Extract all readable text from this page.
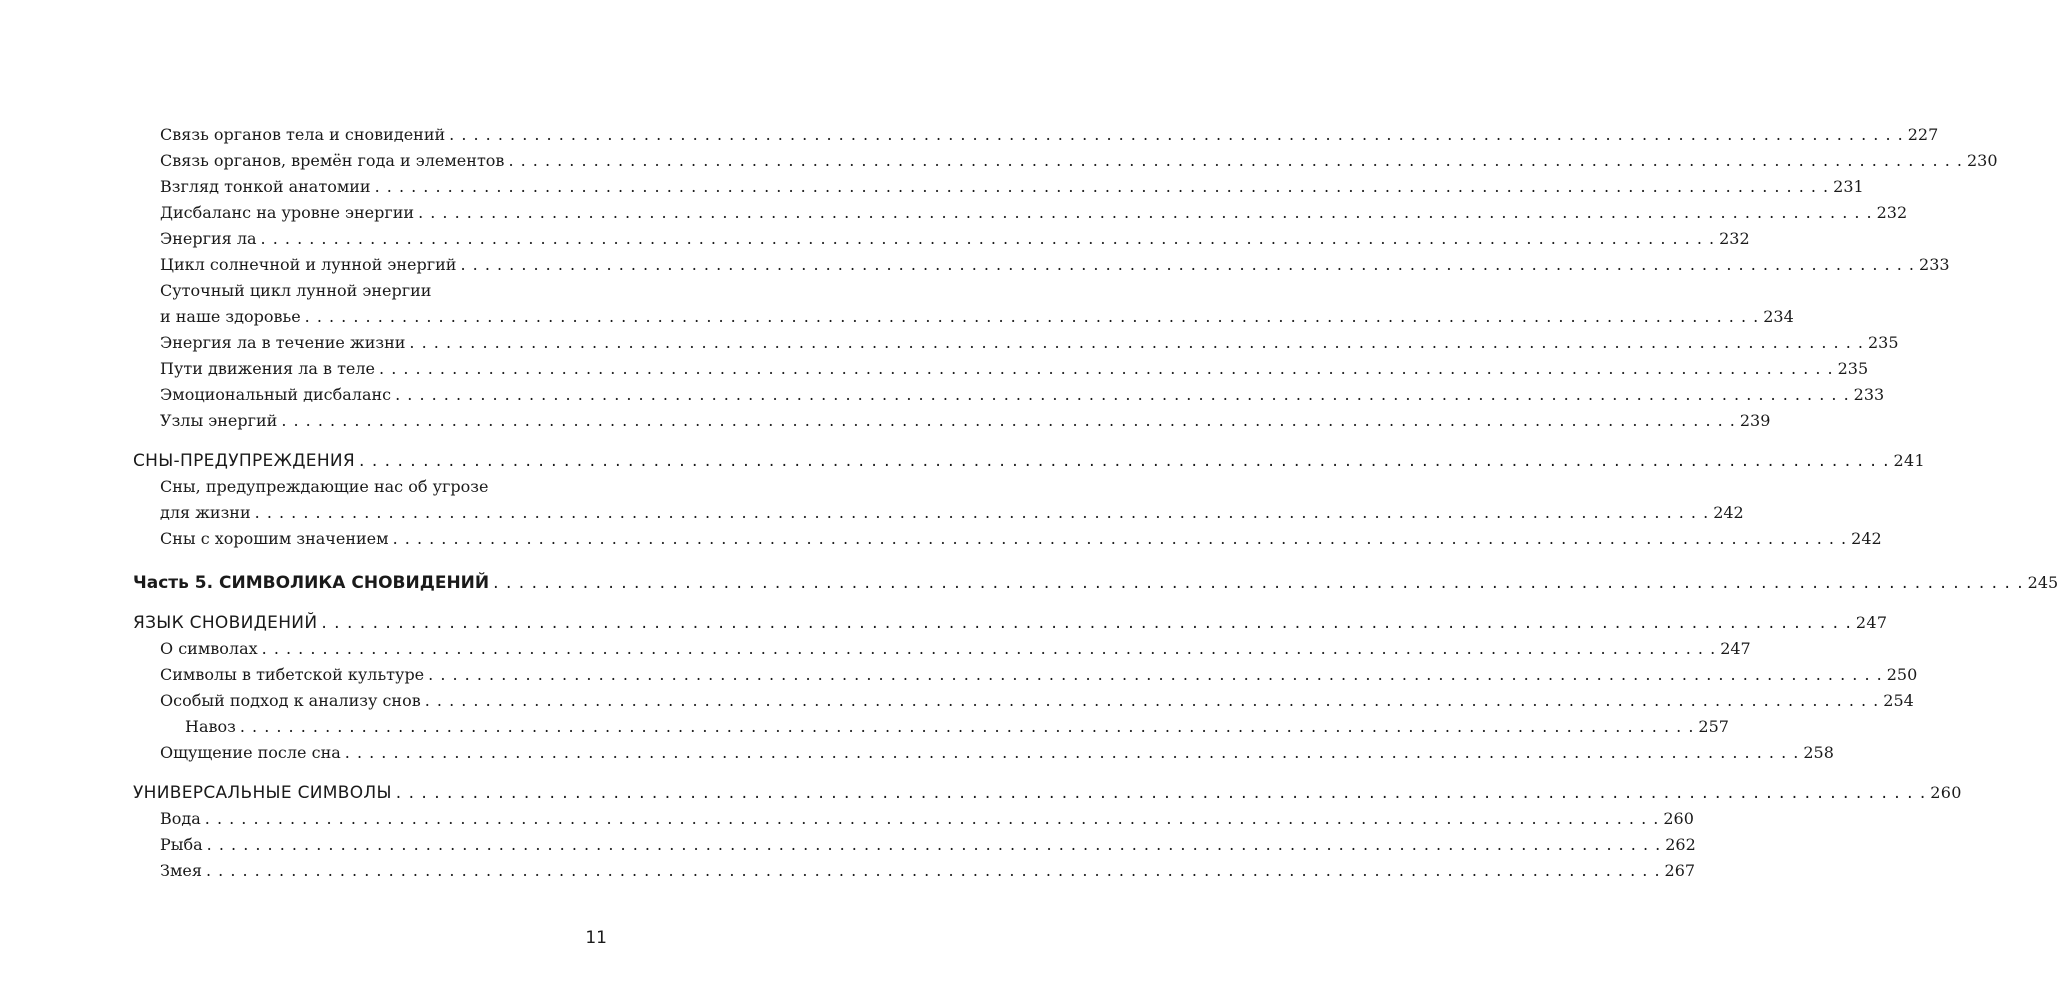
Связь органов тела и сновидений . . . . . . . . . . . . . . . . . . . . . . . . . . . . . . . . . . . . . . . . . . . . . . . . . . . . . . . . . . . . . . . . . . . . . . . . . . . . . . . . . . . . . . . . . . . . . . . . . . . . . . . . . . . . . . . . . . . . . . . . 227
Связь органов, времён года и элементов . . . . . . . . . . . . . . . . . . . . . . . . . . . . . . . . . . . . . . . . . . . . . . . . . . . . . . . . . . . . . . . . . . . . . . . . . . . . . . . . . . . . . . . . . . . . . . . . . . . . . . . . . . . . . . . . . . . . . . . . 230
Взгляд тонкой анатомии . . . . . . . . . . . . . . . . . . . . . . . . . . . . . . . . . . . . . . . . . . . . . . . . . . . . . . . . . . . . . . . . . . . . . . . . . . . . . . . . . . . . . . . . . . . . . . . . . . . . . . . . . . . . . . . . . . . . . . . . 231
Дисбаланс на уровне энергии . . . . . . . . . . . . . . . . . . . . . . . . . . . . . . . . . . . . . . . . . . . . . . . . . . . . . . . . . . . . . . . . . . . . . . . . . . . . . . . . . . . . . . . . . . . . . . . . . . . . . . . . . . . . . . . . . . . . . . . . 232
Энергия ла . . . . . . . . . . . . . . . . . . . . . . . . . . . . . . . . . . . . . . . . . . . . . . . . . . . . . . . . . . . . . . . . . . . . . . . . . . . . . . . . . . . . . . . . . . . . . . . . . . . . . . . . . . . . . . . . . . . . . . . . 232
Цикл солнечной и лунной энергий . . . . . . . . . . . . . . . . . . . . . . . . . . . . . . . . . . . . . . . . . . . . . . . . . . . . . . . . . . . . . . . . . . . . . . . . . . . . . . . . . . . . . . . . . . . . . . . . . . . . . . . . . . . . . . . . . . . . . . . . 233
Суточный цикл лунной энергии
и наше здоровье . . . . . . . . . . . . . . . . . . . . . . . . . . . . . . . . . . . . . . . . . . . . . . . . . . . . . . . . . . . . . . . . . . . . . . . . . . . . . . . . . . . . . . . . . . . . . . . . . . . . . . . . . . . . . . . . . . . . . . . . 234
Энергия ла в течение жизни . . . . . . . . . . . . . . . . . . . . . . . . . . . . . . . . . . . . . . . . . . . . . . . . . . . . . . . . . . . . . . . . . . . . . . . . . . . . . . . . . . . . . . . . . . . . . . . . . . . . . . . . . . . . . . . . . . . . . . . . 235
Пути движения ла в теле . . . . . . . . . . . . . . . . . . . . . . . . . . . . . . . . . . . . . . . . . . . . . . . . . . . . . . . . . . . . . . . . . . . . . . . . . . . . . . . . . . . . . . . . . . . . . . . . . . . . . . . . . . . . . . . . . . . . . . . . 235
Эмоциональный дисбаланс . . . . . . . . . . . . . . . . . . . . . . . . . . . . . . . . . . . . . . . . . . . . . . . . . . . . . . . . . . . . . . . . . . . . . . . . . . . . . . . . . . . . . . . . . . . . . . . . . . . . . . . . . . . . . . . . . . . . . . . . 233
Узлы энергий . . . . . . . . . . . . . . . . . . . . . . . . . . . . . . . . . . . . . . . . . . . . . . . . . . . . . . . . . . . . . . . . . . . . . . . . . . . . . . . . . . . . . . . . . . . . . . . . . . . . . . . . . . . . . . . . . . . . . . . . 239
СНЫ-ПРЕДУПРЕЖДЕНИЯ . . . . . . . . . . . . . . . . . . . . . . . . . . . . . . . . . . . . . . . . . . . . . . . . . . . . . . . . . . . . . . . . . . . . . . . . . . . . . . . . . . . . . . . . . . . . . . . . . . . . . . . . . . . . . . . . . . . . . . . . 241
Сны, предупреждающие нас об угрозе
для жизни . . . . . . . . . . . . . . . . . . . . . . . . . . . . . . . . . . . . . . . . . . . . . . . . . . . . . . . . . . . . . . . . . . . . . . . . . . . . . . . . . . . . . . . . . . . . . . . . . . . . . . . . . . . . . . . . . . . . . . . . 242
Сны с хорошим значением . . . . . . . . . . . . . . . . . . . . . . . . . . . . . . . . . . . . . . . . . . . . . . . . . . . . . . . . . . . . . . . . . . . . . . . . . . . . . . . . . . . . . . . . . . . . . . . . . . . . . . . . . . . . . . . . . . . . . . . . 242
Часть 5. СИМВОЛИКА СНОВИДЕНИЙ . . . . . . . . . . . . . . . . . . . . . . . . . . . . . . . . . . . . . . . . . . . . . . . . . . . . . . . . . . . . . . . . . . . . . . . . . . . . . . . . . . . . . . . . . . . . . . . . . . . . . . . . . . . . . . . . . . . . . . . . 245
ЯЗЫК СНОВИДЕНИЙ . . . . . . . . . . . . . . . . . . . . . . . . . . . . . . . . . . . . . . . . . . . . . . . . . . . . . . . . . . . . . . . . . . . . . . . . . . . . . . . . . . . . . . . . . . . . . . . . . . . . . . . . . . . . . . . . . . . . . . . . 247
О символах . . . . . . . . . . . . . . . . . . . . . . . . . . . . . . . . . . . . . . . . . . . . . . . . . . . . . . . . . . . . . . . . . . . . . . . . . . . . . . . . . . . . . . . . . . . . . . . . . . . . . . . . . . . . . . . . . . . . . . . . 247
Символы в тибетской культуре . . . . . . . . . . . . . . . . . . . . . . . . . . . . . . . . . . . . . . . . . . . . . . . . . . . . . . . . . . . . . . . . . . . . . . . . . . . . . . . . . . . . . . . . . . . . . . . . . . . . . . . . . . . . . . . . . . . . . . . . 250
Особый подход к анализу снов . . . . . . . . . . . . . . . . . . . . . . . . . . . . . . . . . . . . . . . . . . . . . . . . . . . . . . . . . . . . . . . . . . . . . . . . . . . . . . . . . . . . . . . . . . . . . . . . . . . . . . . . . . . . . . . . . . . . . . . . 254
Навоз . . . . . . . . . . . . . . . . . . . . . . . . . . . . . . . . . . . . . . . . . . . . . . . . . . . . . . . . . . . . . . . . . . . . . . . . . . . . . . . . . . . . . . . . . . . . . . . . . . . . . . . . . . . . . . . . . . . . . . . . 257
Ощущение после сна . . . . . . . . . . . . . . . . . . . . . . . . . . . . . . . . . . . . . . . . . . . . . . . . . . . . . . . . . . . . . . . . . . . . . . . . . . . . . . . . . . . . . . . . . . . . . . . . . . . . . . . . . . . . . . . . . . . . . . . . 258
УНИВЕРСАЛЬНЫЕ СИМВОЛЫ . . . . . . . . . . . . . . . . . . . . . . . . . . . . . . . . . . . . . . . . . . . . . . . . . . . . . . . . . . . . . . . . . . . . . . . . . . . . . . . . . . . . . . . . . . . . . . . . . . . . . . . . . . . . . . . . . . . . . . . . 260
Вода . . . . . . . . . . . . . . . . . . . . . . . . . . . . . . . . . . . . . . . . . . . . . . . . . . . . . . . . . . . . . . . . . . . . . . . . . . . . . . . . . . . . . . . . . . . . . . . . . . . . . . . . . . . . . . . . . . . . . . . . 260
Рыба . . . . . . . . . . . . . . . . . . . . . . . . . . . . . . . . . . . . . . . . . . . . . . . . . . . . . . . . . . . . . . . . . . . . . . . . . . . . . . . . . . . . . . . . . . . . . . . . . . . . . . . . . . . . . . . . . . . . . . . . 262
Змея . . . . . . . . . . . . . . . . . . . . . . . . . . . . . . . . . . . . . . . . . . . . . . . . . . . . . . . . . . . . . . . . . . . . . . . . . . . . . . . . . . . . . . . . . . . . . . . . . . . . . . . . . . . . . . . . . . . . . . . . 267
11
